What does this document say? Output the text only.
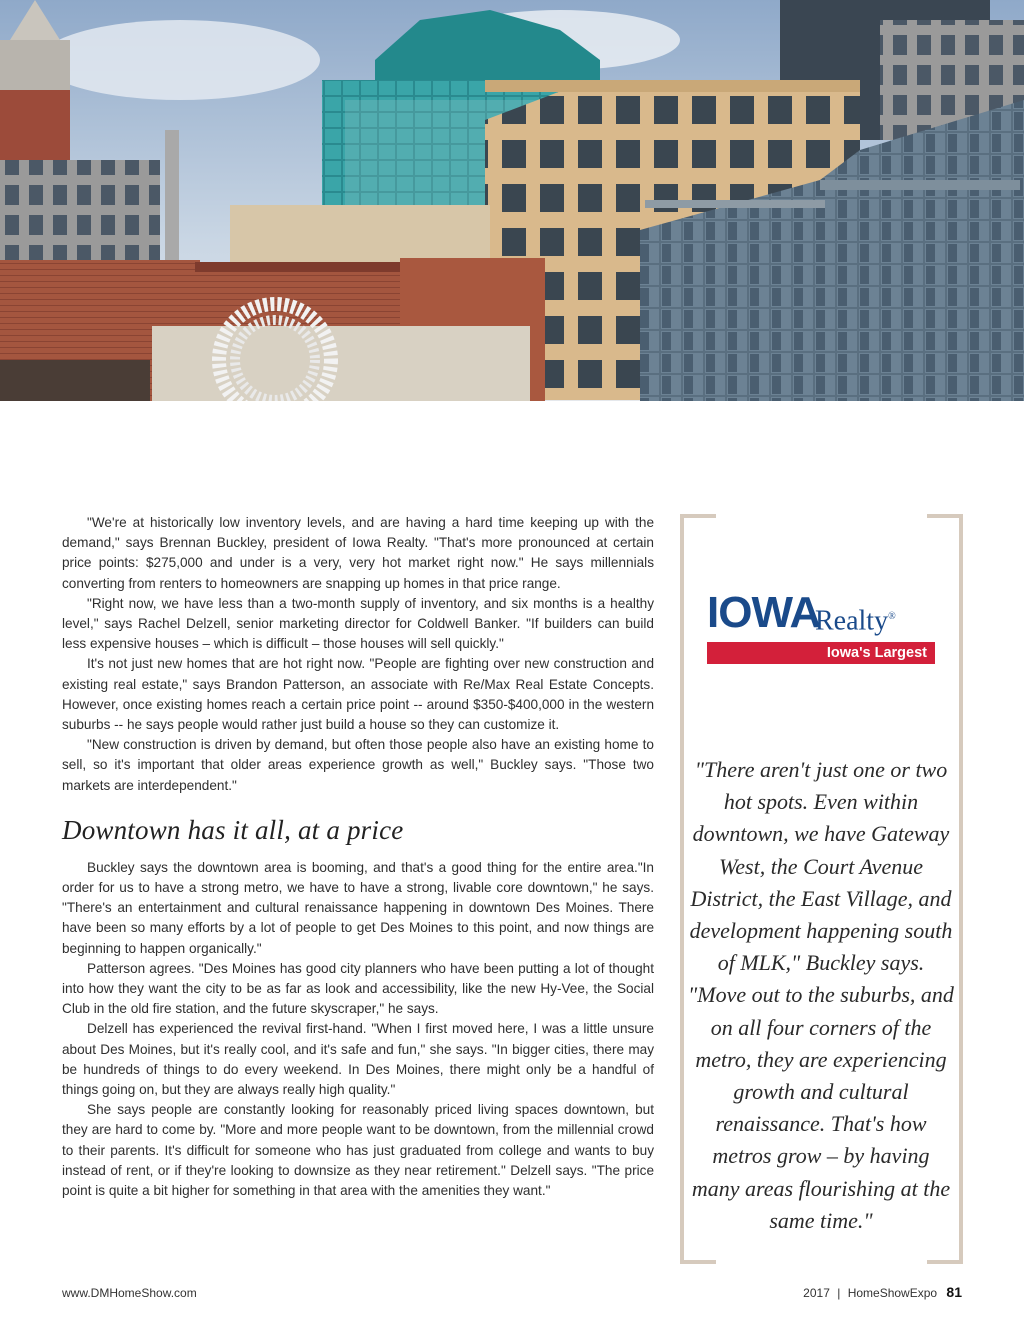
"We're at historically low inventory levels, and are having a hard time keeping up with the demand," says Brennan Buckley, president of Iowa Realty. "That's more pronounced at certain price points: $275,000 and under is a very, very hot market right now." He says millennials converting from renters to homeowners are snapping up homes in that price range.

"Right now, we have less than a two-month supply of inventory, and six months is a healthy level," says Rachel Delzell, senior marketing director for Coldwell Banker. "If builders can build less expensive houses – which is difficult – those houses will sell quickly."

It's not just new homes that are hot right now. "People are fighting over new construction and existing real estate," says Brandon Patterson, an associate with Re/Max Real Estate Concepts. However, once existing homes reach a certain price point -- around $350-$400,000 in the western suburbs -- he says people would rather just build a house so they can customize it.

"New construction is driven by demand, but often those people also have an existing home to sell, so it's important that older areas experience growth as well," Buckley says. "Those two markets are interdependent."

Downtown has it all, at a price

Buckley says the downtown area is booming, and that's a good thing for the entire area."In order for us to have a strong metro, we have to have a strong, livable core downtown," he says. "There's an entertainment and cultural renaissance happening in downtown Des Moines. There have been so many efforts by a lot of people to get Des Moines to this point, and now things are beginning to happen organically."

Patterson agrees. "Des Moines has good city planners who have been putting a lot of thought into how they want the city to be as far as look and accessibility, like the new Hy-Vee, the Social Club in the old fire station, and the future skyscraper," he says.

Delzell has experienced the revival first-hand. "When I first moved here, I was a little unsure about Des Moines, but it's really cool, and it's safe and fun," she says. "In bigger cities, there may be hundreds of things to do every weekend. In Des Moines, there might only be a handful of things going on, but they are always really high quality."

She says people are constantly looking for reasonably priced living spaces downtown, but they are hard to come by. "More and more people want to be downtown, from the millennial crowd to their parents. It's difficult for someone who has just graduated from college and wants to buy instead of rent, or if they're looking to downsize as they near retirement." Delzell says. "The price point is quite a bit higher for something in that area with the amenities they want."

IOWA
Realty®
Iowa's Largest
"There aren't just one or two hot spots. Even within downtown, we have Gateway West, the Court Avenue District, the East Village, and development happening south of MLK," Buckley says. "Move out to the suburbs, and on all four corners of the metro, they are experiencing growth and cultural renaissance. That's how metros grow – by having many areas flourishing at the same time."
www.DMHomeShow.com	2017 | HomeShowExpo 81
